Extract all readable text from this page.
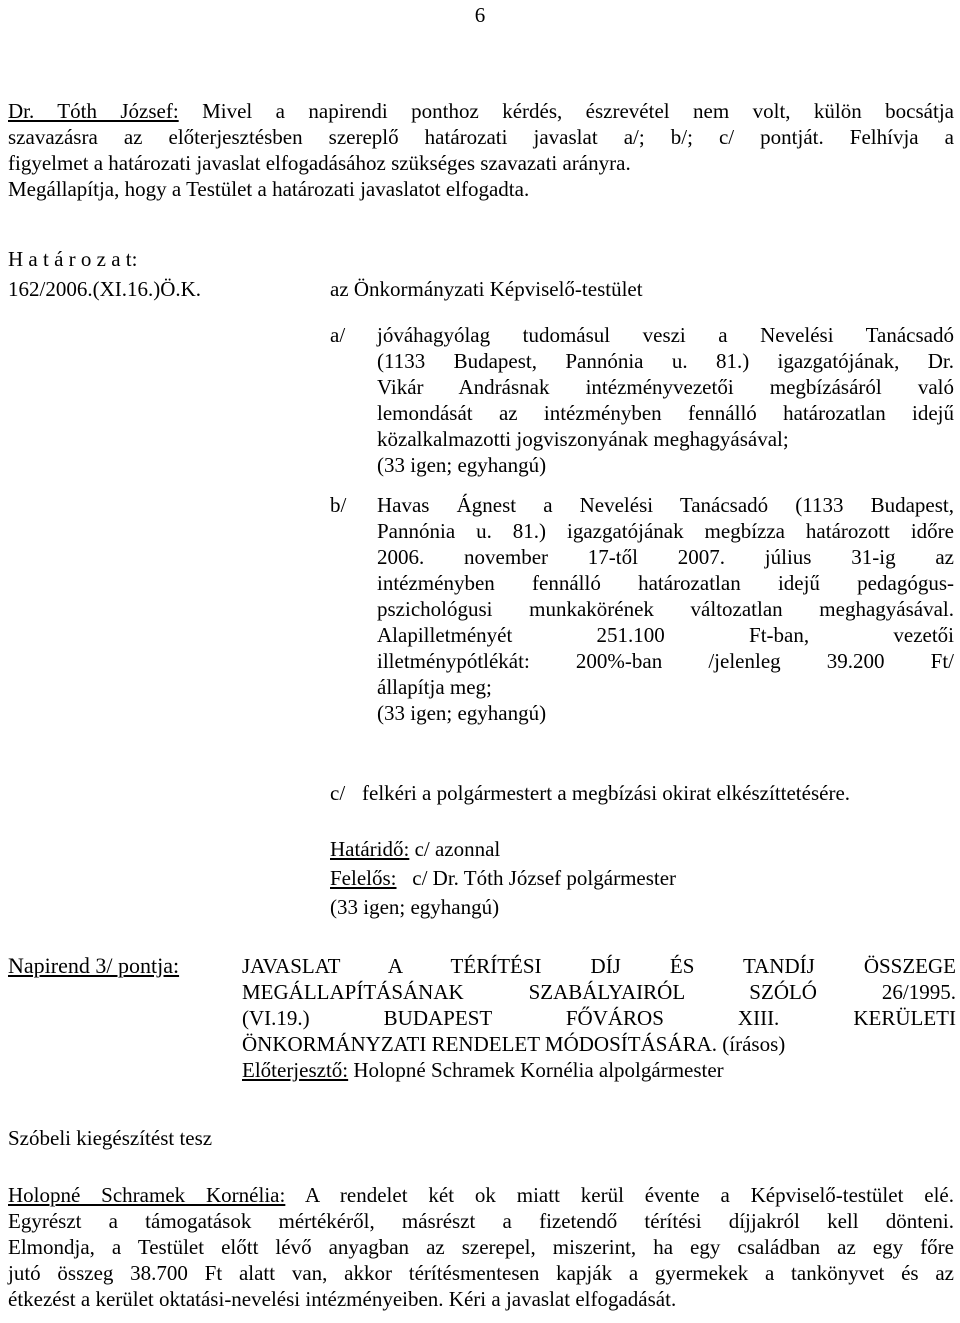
6

Dr. Tóth József: Mivel a napirendi ponthoz kérdés, észrevétel nem volt, külön bocsátja

szavazásra az előterjesztésben szereplő határozati javaslat a/; b/; c/ pontját. Felhívja a

figyelmet a határozati javaslat elfogadásához szükséges szavazati arányra.

Megállapítja, hogy a Testület a határozati javaslatot elfogadta.

H a t á r o z a t:
162/2006.(XI.16.)Ö.K.	az Önkormányzati Képviselő-testület
a/	jóváhagyólag tudomásul veszi a Nevelési Tanácsadó

(1133 Budapest, Pannónia u. 81.) igazgatójának, Dr.

Vikár Andrásnak intézményvezetői megbízásáról való

lemondását az intézményben fennálló határozatlan idejű

közalkalmazotti jogviszonyának meghagyásával;

(33 igen; egyhangú)

b/	Havas Ágnest a Nevelési Tanácsadó (1133 Budapest,

Pannónia u. 81.) igazgatójának megbízza határozott időre

2006. november 17-től 2007. július 31-ig az

intézményben fennálló határozatlan idejű pedagógus-

pszichológusi munkakörének változatlan meghagyásával.

Alapilletményét 251.100 Ft-ban, vezetői

illetménypótlékát: 200%-ban /jelenleg 39.200 Ft/

állapítja meg;

(33 igen; egyhangú)

c/ felkéri a polgármestert a megbízási okirat elkészíttetésére.
Határidő: c/ azonnal
Felelős:   c/ Dr. Tóth József polgármester
(33 igen; egyhangú)
Napirend 3/ pontja:	JAVASLAT A TÉRÍTÉSI DÍJ ÉS TANDÍJ ÖSSZEGE

MEGÁLLAPÍTÁSÁNAK SZABÁLYAIRÓL SZÓLÓ 26/1995.

(VI.19.) BUDAPEST FŐVÁROS XIII. KERÜLETI

ÖNKORMÁNYZATI RENDELET MÓDOSÍTÁSÁRA. (írásos)

Előterjesztő: Holopné Schramek Kornélia alpolgármester

Szóbeli kiegészítést tesz

Holopné Schramek Kornélia: A rendelet két ok miatt kerül évente a Képviselő-testület elé.

Egyrészt a támogatások mértékéről, másrészt a fizetendő térítési díjjakról kell dönteni.

Elmondja, a Testület előtt lévő anyagban az szerepel, miszerint, ha egy családban az egy főre

jutó összeg 38.700 Ft alatt van, akkor térítésmentesen kapják a gyermekek a tankönyvet és az

étkezést a kerület oktatási-nevelési intézményeiben. Kéri a javaslat elfogadását.
